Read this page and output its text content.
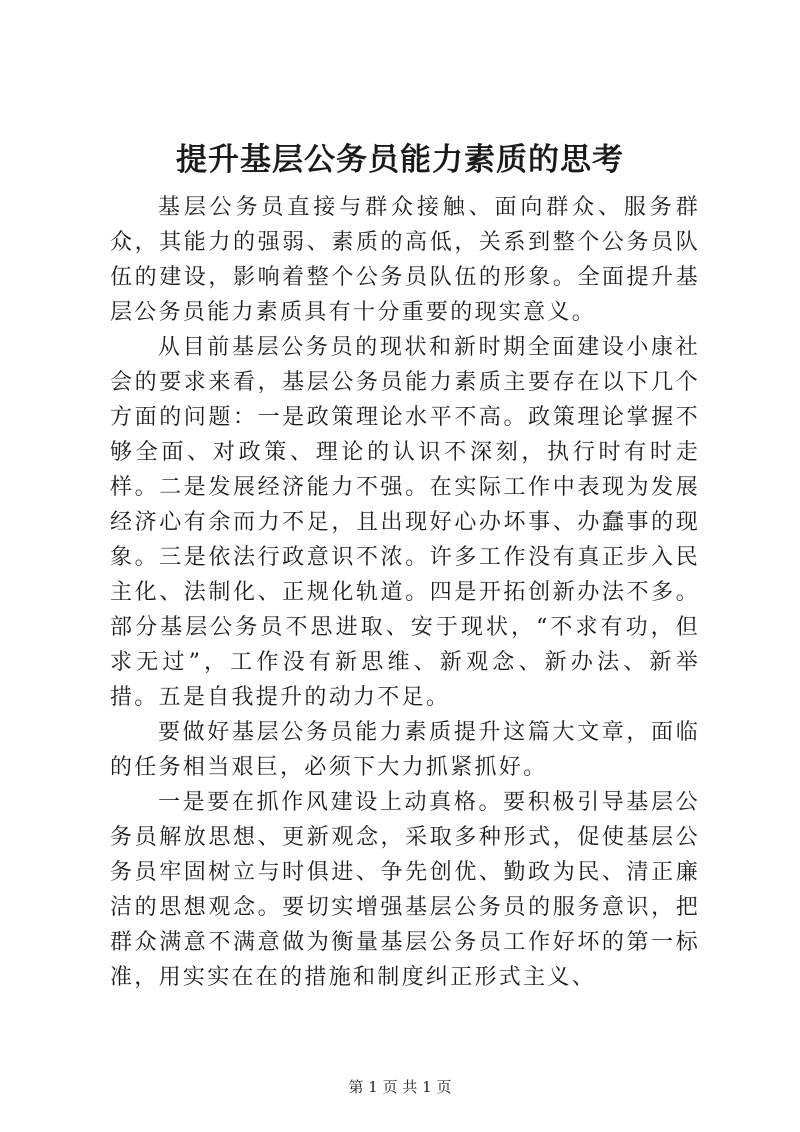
提升基层公务员能力素质的思考

基层公务员直接与群众接触、面向群众、服务群众，其能力的强弱、素质的高低，关系到整个公务员队伍的建设，影响着整个公务员队伍的形象。全面提升基层公务员能力素质具有十分重要的现实意义。

从目前基层公务员的现状和新时期全面建设小康社会的要求来看，基层公务员能力素质主要存在以下几个方面的问题：一是政策理论水平不高。政策理论掌握不够全面、对政策、理论的认识不深刻，执行时有时走样。二是发展经济能力不强。在实际工作中表现为发展经济心有余而力不足，且出现好心办坏事、办蠢事的现象。三是依法行政意识不浓。许多工作没有真正步入民主化、法制化、正规化轨道。四是开拓创新办法不多。部分基层公务员不思进取、安于现状，“不求有功，但求无过”，工作没有新思维、新观念、新办法、新举措。五是自我提升的动力不足。

要做好基层公务员能力素质提升这篇大文章，面临的任务相当艰巨，必须下大力抓紧抓好。

一是要在抓作风建设上动真格。要积极引导基层公务员解放思想、更新观念，采取多种形式，促使基层公务员牢固树立与时俱进、争先创优、勤政为民、清正廉洁的思想观念。要切实增强基层公务员的服务意识，把群众满意不满意做为衡量基层公务员工作好坏的第一标准，用实实在在的措施和制度纠正形式主义、

第 1 页 共 1 页
